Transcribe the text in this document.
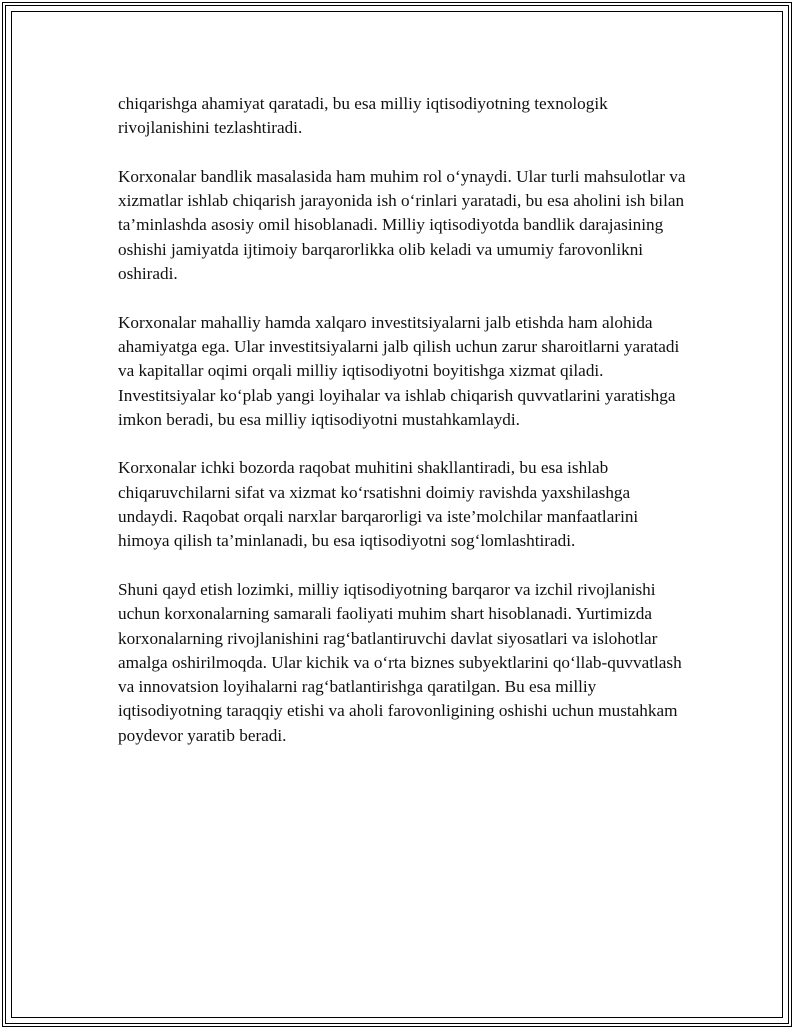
chiqarishga ahamiyat qaratadi, bu esa milliy iqtisodiyotning texnologik rivojlanishini tezlashtiradi.

Korxonalar bandlik masalasida ham muhim rol o‘ynaydi. Ular turli mahsulotlar va xizmatlar ishlab chiqarish jarayonida ish o‘rinlari yaratadi, bu esa aholini ish bilan ta’minlashda asosiy omil hisoblanadi. Milliy iqtisodiyotda bandlik darajasining oshishi jamiyatda ijtimoiy barqarorlikka olib keladi va umumiy farovonlikni oshiradi.

Korxonalar mahalliy hamda xalqaro investitsiyalarni jalb etishda ham alohida ahamiyatga ega. Ular investitsiyalarni jalb qilish uchun zarur sharoitlarni yaratadi va kapitallar oqimi orqali milliy iqtisodiyotni boyitishga xizmat qiladi. Investitsiyalar ko‘plab yangi loyihalar va ishlab chiqarish quvvatlarini yaratishga imkon beradi, bu esa milliy iqtisodiyotni mustahkamlaydi.

Korxonalar ichki bozorda raqobat muhitini shakllantiradi, bu esa ishlab chiqaruvchilarni sifat va xizmat ko‘rsatishni doimiy ravishda yaxshilashga undaydi. Raqobat orqali narxlar barqarorligi va iste’molchilar manfaatlarini himoya qilish ta’minlanadi, bu esa iqtisodiyotni sog‘lomlashtiradi.

Shuni qayd etish lozimki, milliy iqtisodiyotning barqaror va izchil rivojlanishi uchun korxonalarning samarali faoliyati muhim shart hisoblanadi. Yurtimizda korxonalarning rivojlanishini rag‘batlantiruvchi davlat siyosatlari va islohotlar amalga oshirilmoqda. Ular kichik va o‘rta biznes subyektlarini qo‘llab-quvvatlash va innovatsion loyihalarni rag‘batlantirishga qaratilgan. Bu esa milliy iqtisodiyotning taraqqiy etishi va aholi farovonligining oshishi uchun mustahkam poydevor yaratib beradi.
